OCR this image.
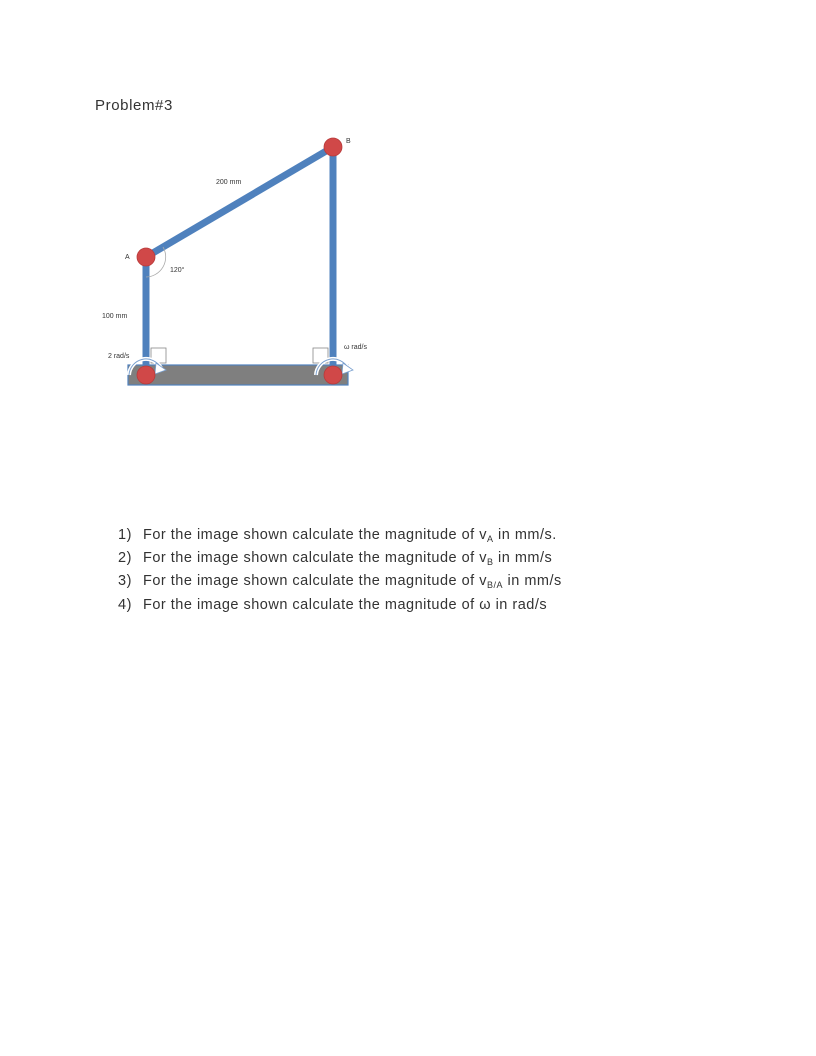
Problem#3
A
B
200 mm
120°
100 mm
2 rad/s
ω rad/s
1) For the image shown calculate the magnitude of $v_A$ in mm/s.
2) For the image shown calculate the magnitude of $v_B$ in mm/s
3) For the image shown calculate the magnitude of $v_{B/A}$ in mm/s
4) For the image shown calculate the magnitude of ω in rad/s
